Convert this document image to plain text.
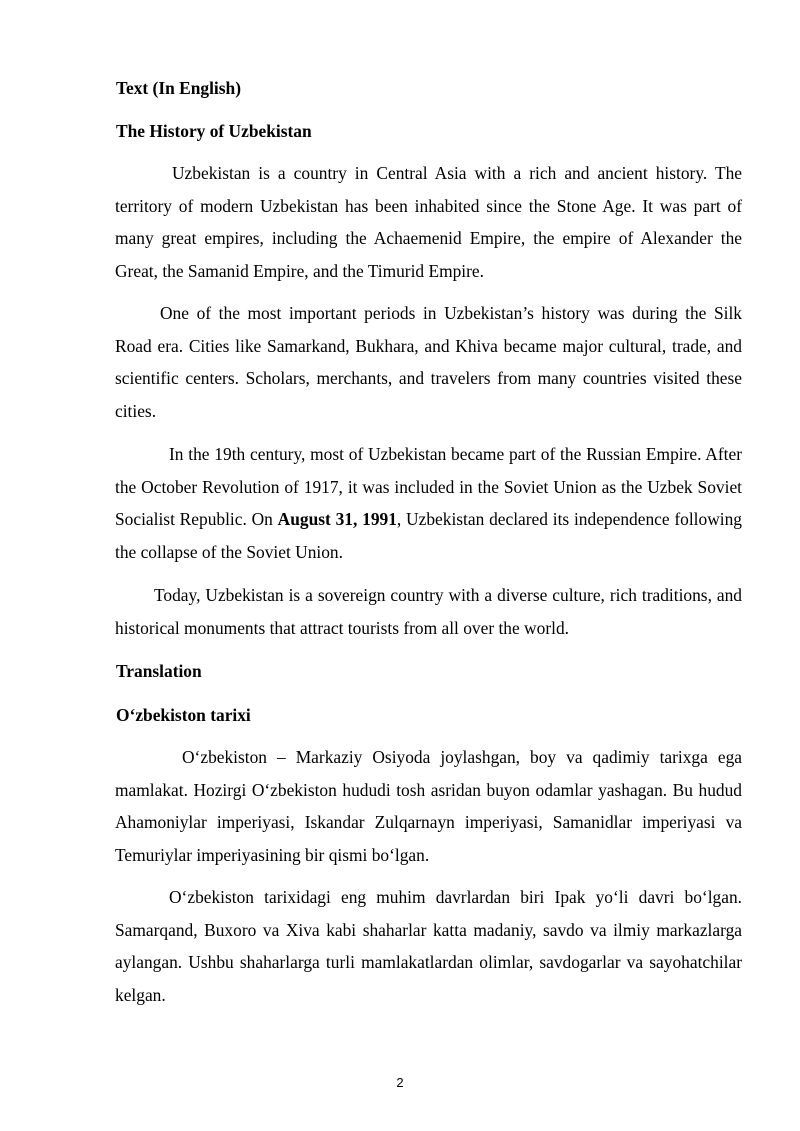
Text (In English)
The History of Uzbekistan

Uzbekistan is a country in Central Asia with a rich and ancient history. The territory of modern Uzbekistan has been inhabited since the Stone Age. It was part of many great empires, including the Achaemenid Empire, the empire of Alexander the Great, the Samanid Empire, and the Timurid Empire.

One of the most important periods in Uzbekistan’s history was during the Silk Road era. Cities like Samarkand, Bukhara, and Khiva became major cultural, trade, and scientific centers. Scholars, merchants, and travelers from many countries visited these cities.

In the 19th century, most of Uzbekistan became part of the Russian Empire. After the October Revolution of 1917, it was included in the Soviet Union as the Uzbek Soviet Socialist Republic. On August 31, 1991, Uzbekistan declared its independence following the collapse of the Soviet Union.

Today, Uzbekistan is a sovereign country with a diverse culture, rich traditions, and historical monuments that attract tourists from all over the world.

Translation
O‘zbekiston tarixi

O‘zbekiston – Markaziy Osiyoda joylashgan, boy va qadimiy tarixga ega mamlakat. Hozirgi O‘zbekiston hududi tosh asridan buyon odamlar yashagan. Bu hudud Ahamoniylar imperiyasi, Iskandar Zulqarnayn imperiyasi, Samanidlar imperiyasi va Temuriylar imperiyasining bir qismi bo‘lgan.

O‘zbekiston tarixidagi eng muhim davrlardan biri Ipak yo‘li davri bo‘lgan. Samarqand, Buxoro va Xiva kabi shaharlar katta madaniy, savdo va ilmiy markazlarga aylangan. Ushbu shaharlarga turli mamlakatlardan olimlar, savdogarlar va sayohatchilar kelgan.

2
